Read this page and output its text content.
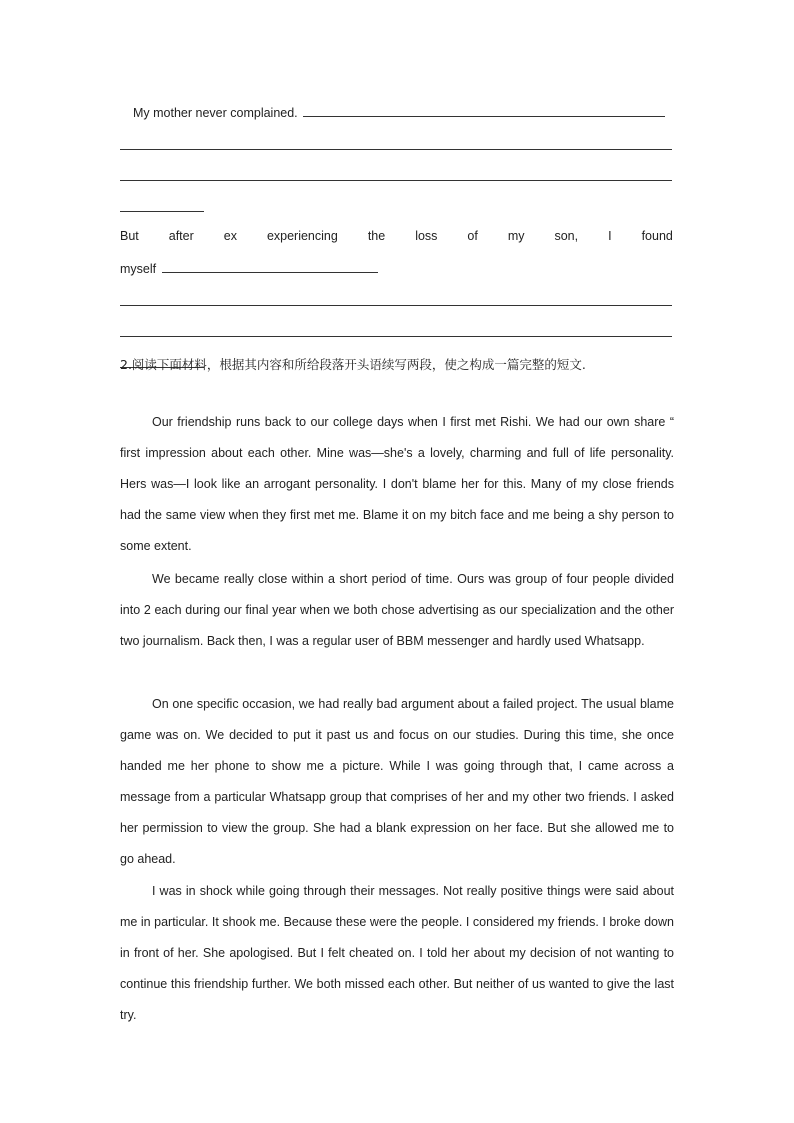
My mother never complained.
But after ex experiencing the loss of my son, I found
myself
2.阅读下面材料，根据其内容和所给段落开头语续写两段，使之构成一篇完整的短文.
Our friendship runs back to our college days when I first met Rishi. We had our own share “ first impression about each other. Mine was—she's a lovely, charming and full of life personality. Hers was—I look like an arrogant personality. I don't blame her for this. Many of my close friends had the same view when they first met me. Blame it on my bitch face and me being a shy person to some extent.
We became really close within a short period of time. Ours was group of four people divided into 2 each during our final year when we both chose advertising as our specialization and the other two journalism. Back then, I was a regular user of BBM messenger and hardly used Whatsapp.
On one specific occasion, we had really bad argument about a failed project. The usual blame game was on. We decided to put it past us and focus on our studies. During this time, she once handed me her phone to show me a picture. While I was going through that, I came across a message from a particular Whatsapp group that comprises of her and my other two friends. I asked her permission to view the group. She had a blank expression on her face. But she allowed me to go ahead.
I was in shock while going through their messages. Not really positive things were said about me in particular. It shook me. Because these were the people. I considered my friends. I broke down in front of her. She apologised. But I felt cheated on. I told her about my decision of not wanting to continue this friendship further. We both missed each other. But neither of us wanted to give the last try.
